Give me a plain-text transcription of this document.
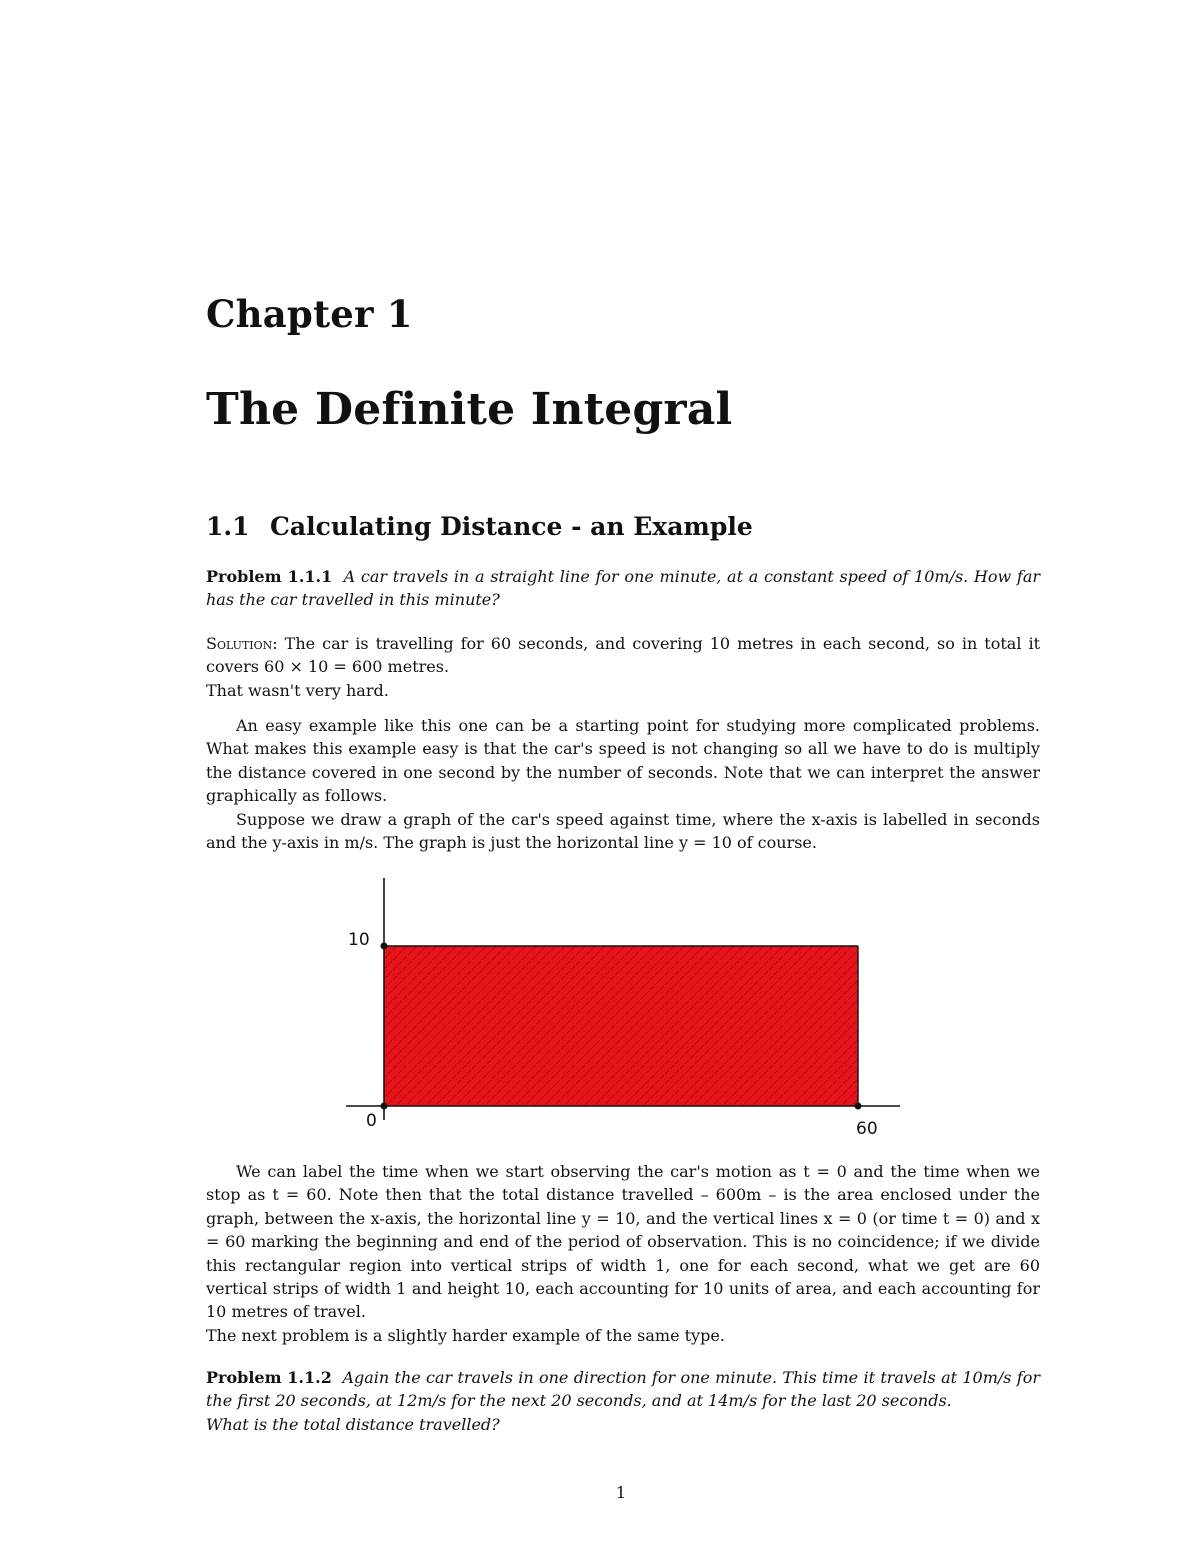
Chapter 1
The Definite Integral
1.1 Calculating Distance - an Example

Problem 1.1.1 A car travels in a straight line for one minute, at a constant speed of 10m/s. How far has the car travelled in this minute?

Solution: The car is travelling for 60 seconds, and covering 10 metres in each second, so in total it covers 60 × 10 = 600 metres.
That wasn't very hard.

An easy example like this one can be a starting point for studying more complicated problems. What makes this example easy is that the car's speed is not changing so all we have to do is multiply the distance covered in one second by the number of seconds. Note that we can interpret the answer graphically as follows.

Suppose we draw a graph of the car's speed against time, where the x-axis is labelled in seconds and the y-axis in m/s. The graph is just the horizontal line y = 10 of course.

10
0	60

We can label the time when we start observing the car's motion as t = 0 and the time when we stop as t = 60. Note then that the total distance travelled – 600m – is the area enclosed under the graph, between the x-axis, the horizontal line y = 10, and the vertical lines x = 0 (or time t = 0) and x = 60 marking the beginning and end of the period of observation. This is no coincidence; if we divide this rectangular region into vertical strips of width 1, one for each second, what we get are 60 vertical strips of width 1 and height 10, each accounting for 10 units of area, and each accounting for 10 metres of travel.

The next problem is a slightly harder example of the same type.

Problem 1.1.2 Again the car travels in one direction for one minute. This time it travels at 10m/s for the first 20 seconds, at 12m/s for the next 20 seconds, and at 14m/s for the last 20 seconds.
What is the total distance travelled?

1
